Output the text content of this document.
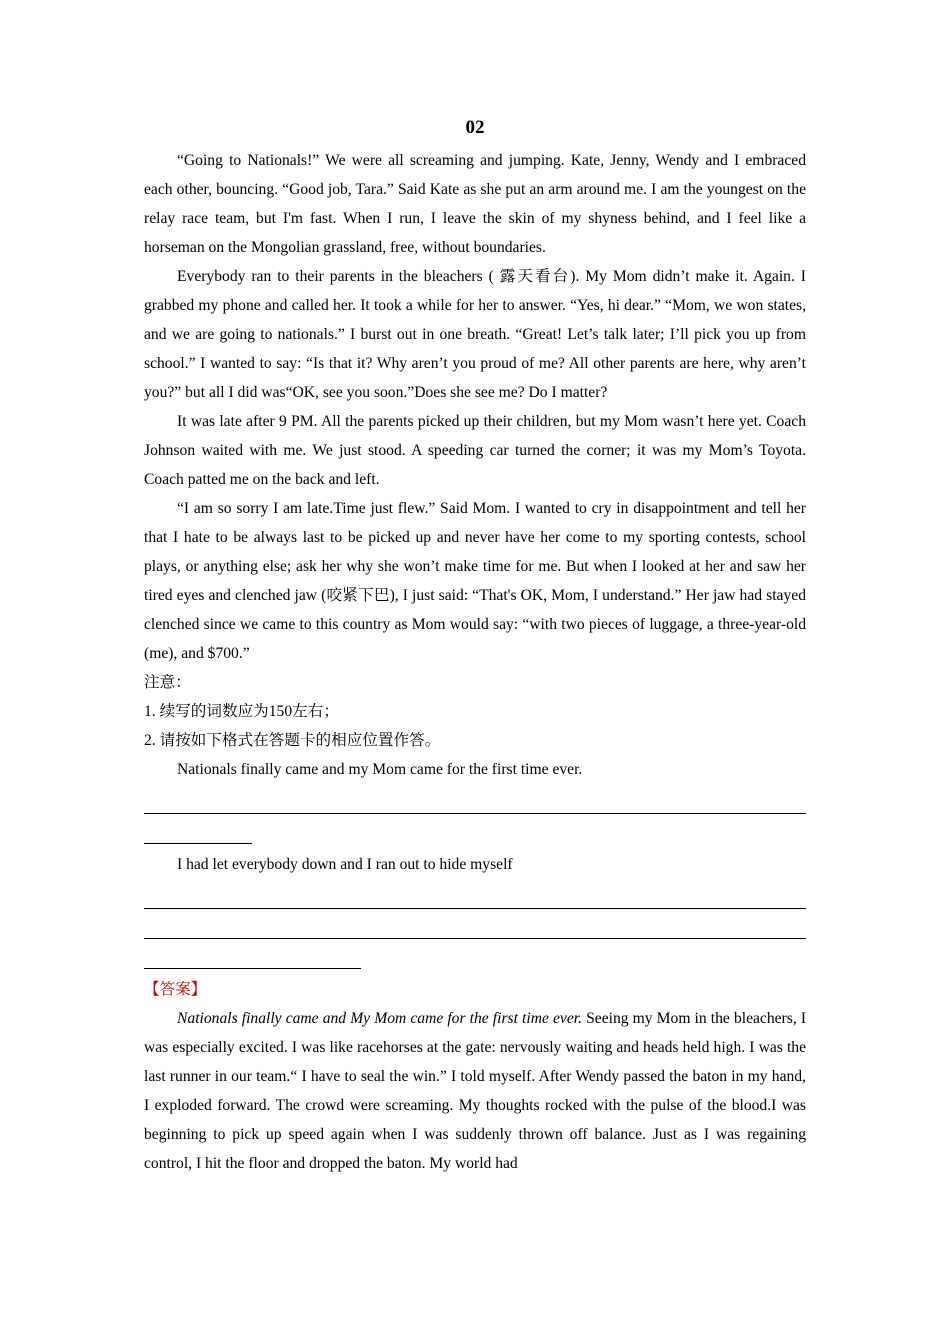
02

“Going to Nationals!” We were all screaming and jumping. Kate, Jenny, Wendy and I embraced each other, bouncing. “Good job, Tara.” Said Kate as she put an arm around me. I am the youngest on the relay race team, but I'm fast. When I run, I leave the skin of my shyness behind, and I feel like a horseman on the Mongolian grassland, free, without boundaries.

Everybody ran to their parents in the bleachers ( 露天看台). My Mom didn’t make it. Again. I grabbed my phone and called her. It took a while for her to answer. “Yes, hi dear.” “Mom, we won states, and we are going to nationals.” I burst out in one breath. “Great! Let’s talk later; I’ll pick you up from school.” I wanted to say: “Is that it? Why aren’t you proud of me? All other parents are here, why aren’t you?” but all I did was“OK, see you soon.”Does she see me? Do I matter?

It was late after 9 PM. All the parents picked up their children, but my Mom wasn’t here yet. Coach Johnson waited with me. We just stood. A speeding car turned the corner; it was my Mom’s Toyota. Coach patted me on the back and left.

“I am so sorry I am late.Time just flew.” Said Mom. I wanted to cry in disappointment and tell her that I hate to be always last to be picked up and never have her come to my sporting contests, school plays, or anything else; ask her why she won’t make time for me. But when I looked at her and saw her tired eyes and clenched jaw (咬紧下巴), I just said: “That's OK, Mom, I understand.” Her jaw had stayed clenched since we came to this country as Mom would say: “with two pieces of luggage, a three-year-old (me), and $700.”

注意：

1. 续写的词数应为150左右；

2. 请按如下格式在答题卡的相应位置作答。

Nationals finally came and my Mom came for the first time ever.

I had let everybody down and I ran out to hide myself

【答案】

Nationals finally came and My Mom came for the first time ever. Seeing my Mom in the bleachers, I was especially excited. I was like racehorses at the gate: nervously waiting and heads held high. I was the last runner in our team.“ I have to seal the win.” I told myself. After Wendy passed the baton in my hand, I exploded forward. The crowd were screaming. My thoughts rocked with the pulse of the blood.I was beginning to pick up speed again when I was suddenly thrown off balance. Just as I was regaining control, I hit the floor and dropped the baton. My world had
